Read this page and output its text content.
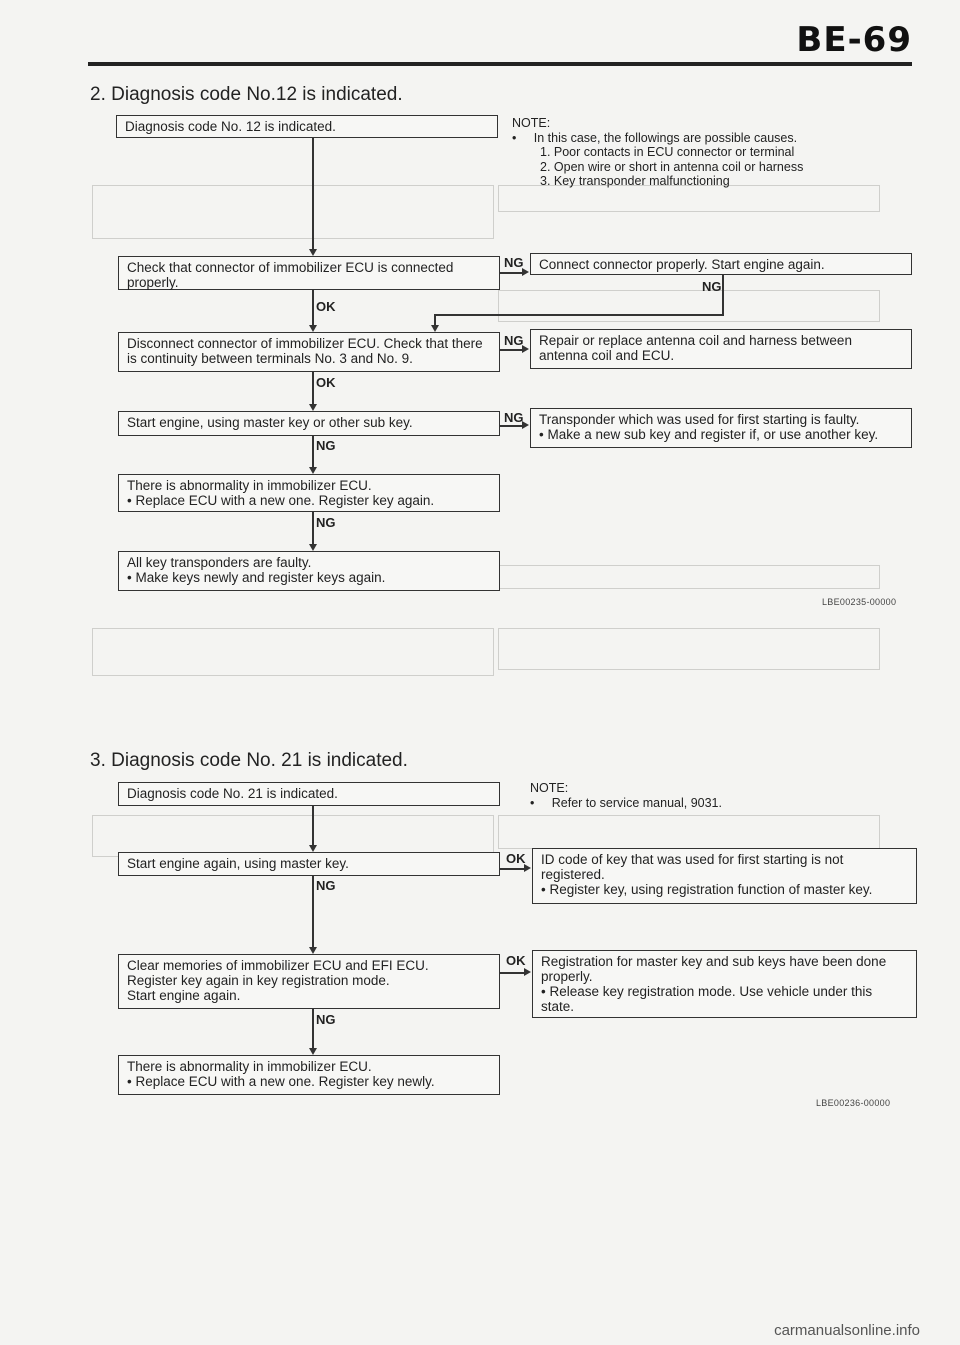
BE-69
2. Diagnosis code No.12 is indicated.
NOTE:
•     In this case, the followings are possible causes.
1. Poor contacts in ECU connector or terminal
2. Open wire or short in antenna coil or harness
3. Key transponder malfunctioning
Diagnosis code No. 12 is indicated.
Check that connector of immobilizer ECU is connected properly.
Connect connector properly. Start engine again.
Disconnect connector of immobilizer ECU. Check that there is continuity between terminals No. 3 and No. 9.
Repair or replace antenna coil and harness between antenna coil and ECU.
Start engine, using master key or other sub key.	Transponder which was used for first starting is faulty.
• Make a new sub key and register if, or use another key.
There is abnormality in immobilizer ECU.
• Replace ECU with a new one. Register key again.
All key transponders are faulty.
• Make keys newly and register keys again.
NG
NG
OK
NG
OK
NG
NG
NG
LBE00235-00000
3. Diagnosis code No. 21 is indicated.
NOTE:
•     Refer to service manual, 9031.
Diagnosis code No. 21 is indicated.
Start engine again, using master key.	ID code of key that was used for first starting is not registered.
• Register key, using registration function of master key.
Clear memories of immobilizer ECU and EFI ECU.
Register key again in key registration mode.
Start engine again.
Registration for master key and sub keys have been done properly.
• Release key registration mode. Use vehicle under this state.
There is abnormality in immobilizer ECU.
• Replace ECU with a new one. Register key newly.
OK
NG
OK
NG
LBE00236-00000
carmanualsonline.info
